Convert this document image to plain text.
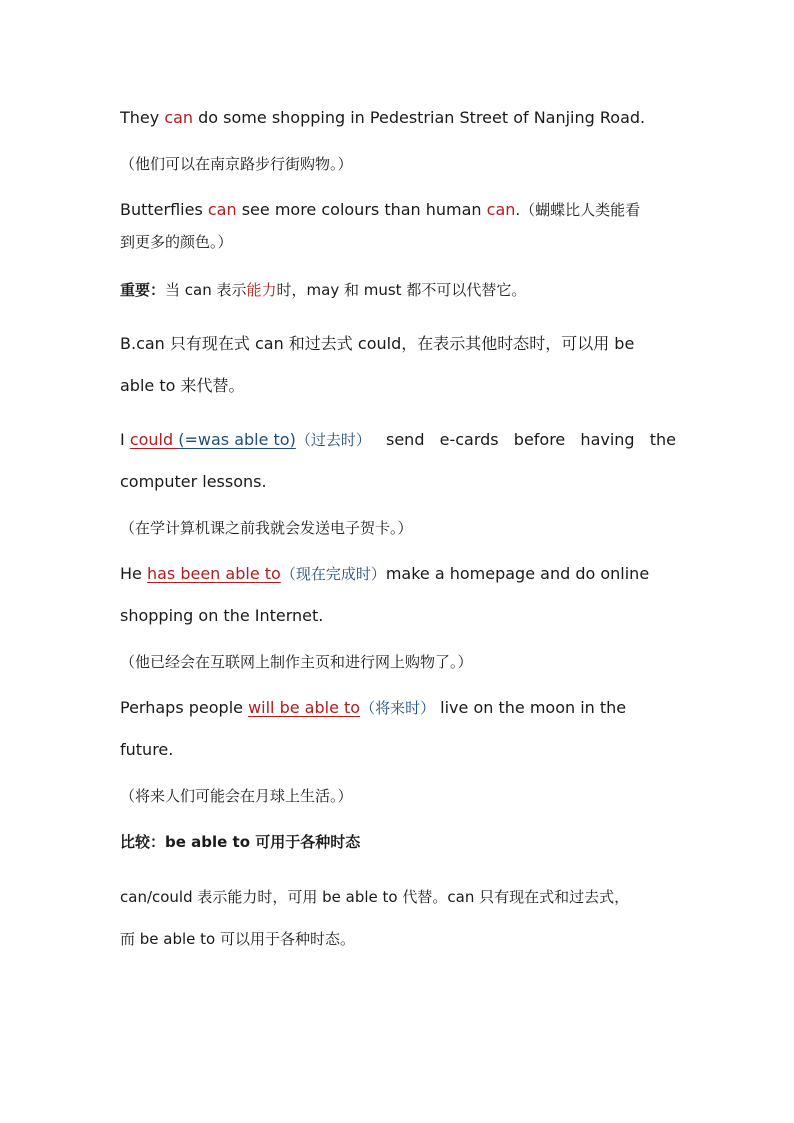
They can do some shopping in Pedestrian Street of Nanjing Road.
（他们可以在南京路步行街购物。）
Butterflies can see more colours than human can.（蝴蝶比人类能看
到更多的颜色。）
重要：当 can 表示能力时，may 和 must 都不可以代替它。
B.can 只有现在式 can 和过去式 could，在表示其他时态时，可以用 be
able to 来代替。
I could (=was able to)（过去时） send e-cards before having the
computer lessons.
（在学计算机课之前我就会发送电子贺卡。）
He has been able to（现在完成时）make a homepage and do online
shopping on the Internet.
（他已经会在互联网上制作主页和进行网上购物了。）
Perhaps people will be able to（将来时） live on the moon in the
future.
（将来人们可能会在月球上生活。）
比较：be able to 可用于各种时态
can/could 表示能力时，可用 be able to 代替。can 只有现在式和过去式，
而 be able to 可以用于各种时态。
